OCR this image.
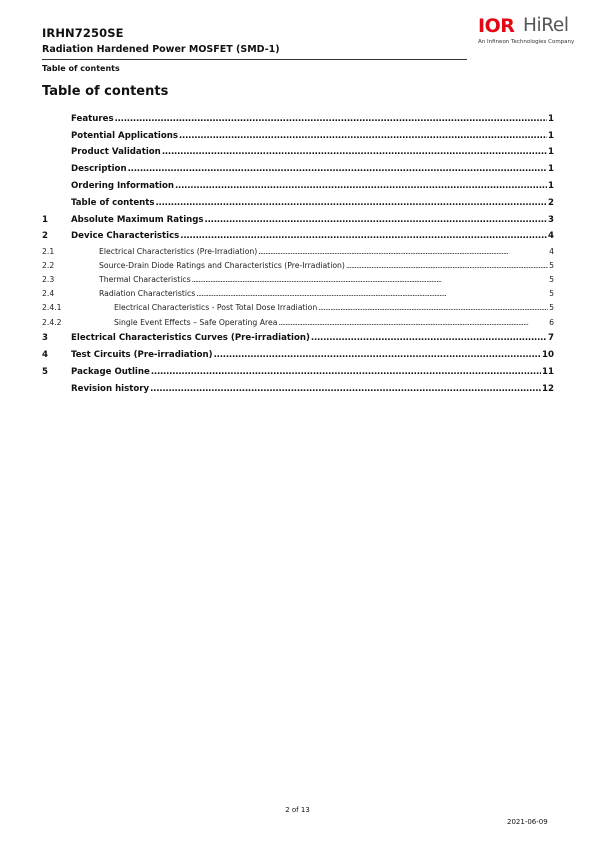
IRHN7250SE
Radiation Hardened Power MOSFET (SMD-1)
Table of contents
IOR HiRel
An Infineon Technologies Company
Table of contents
Features . . .	1
Potential Applications . . .	1
Product Validation . . .	1
Description . . .	1
Ordering Information . . .	1
Table of contents . . .	2
1	Absolute Maximum Ratings . . .	3
2	Device Characteristics . . .	4
2.1	Electrical Characteristics (Pre-Irradiation) . . .	4
2.2	Source-Drain Diode Ratings and Characteristics (Pre-Irradiation) . . .	5
2.3	Thermal Characteristics . . .	5
2.4	Radiation Characteristics . . .	5
2.4.1	Electrical Characteristics - Post Total Dose Irradiation . . .	5
2.4.2	Single Event Effects – Safe Operating Area . . .	6
3	Electrical Characteristics Curves (Pre-irradiation) . . .	7
4	Test Circuits (Pre-irradiation) . . .	10
5	Package Outline . . .	11
Revision history . . .	12
2 of 13
2021-06-09
